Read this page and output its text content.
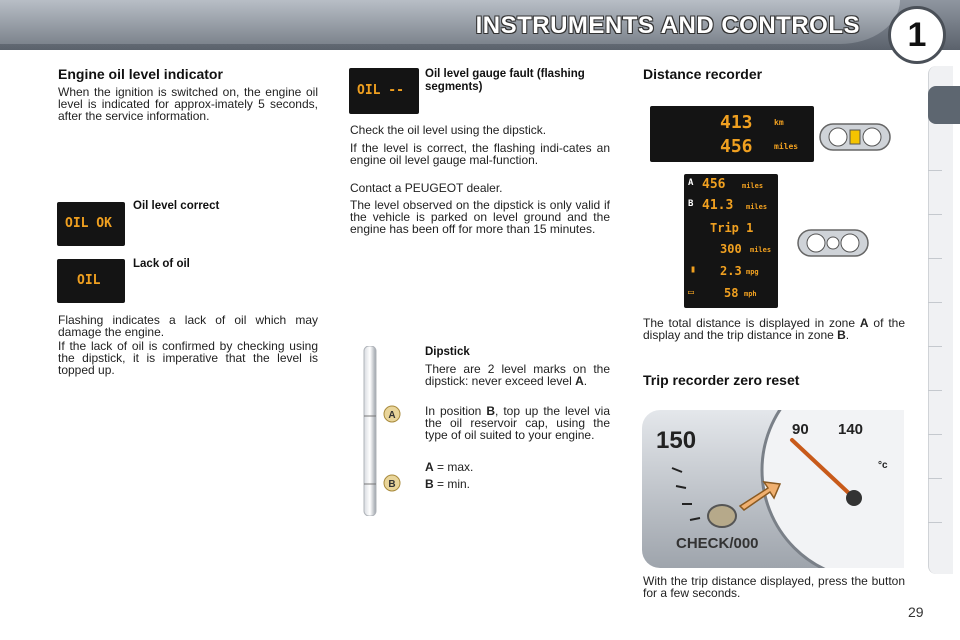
INSTRUMENTS AND CONTROLS	1
Engine oil level indicator

When the ignition is switched on, the engine oil level is indicated for approx-imately 5 seconds, after the service information.

OIL OK
Oil level correct
OIL
Lack of oil

Flashing indicates a lack of oil which may damage the engine.

If the lack of oil is confirmed by checking using the dipstick, it is imperative that the level is topped up.

OIL --
Oil level gauge fault (flashing segments)

Check the oil level using the dipstick.

If the level is correct, the flashing indi-cates an engine oil level gauge mal-function.

Contact a PEUGEOT dealer.

The level observed on the dipstick is only valid if the vehicle is parked on level ground and the engine has been off for more than 15 minutes.

A
B
Dipstick

There are 2 level marks on the dipstick: never exceed level A.

In position B, top up the level via the oil reservoir cap, using the type of oil suited to your engine.

A = max.

B = min.

Distance recorder
413	km
456	miles
A 456 miles
B 41.3 miles
Trip 1
300 miles
▮ 2.3 mpg
▭ 58 mph

The total distance is displayed in zone A of the display and the trip distance in zone B.

Trip recorder zero reset
150	90 140
°c
CHECK/000

With the trip distance displayed, press the button for a few seconds.

29
